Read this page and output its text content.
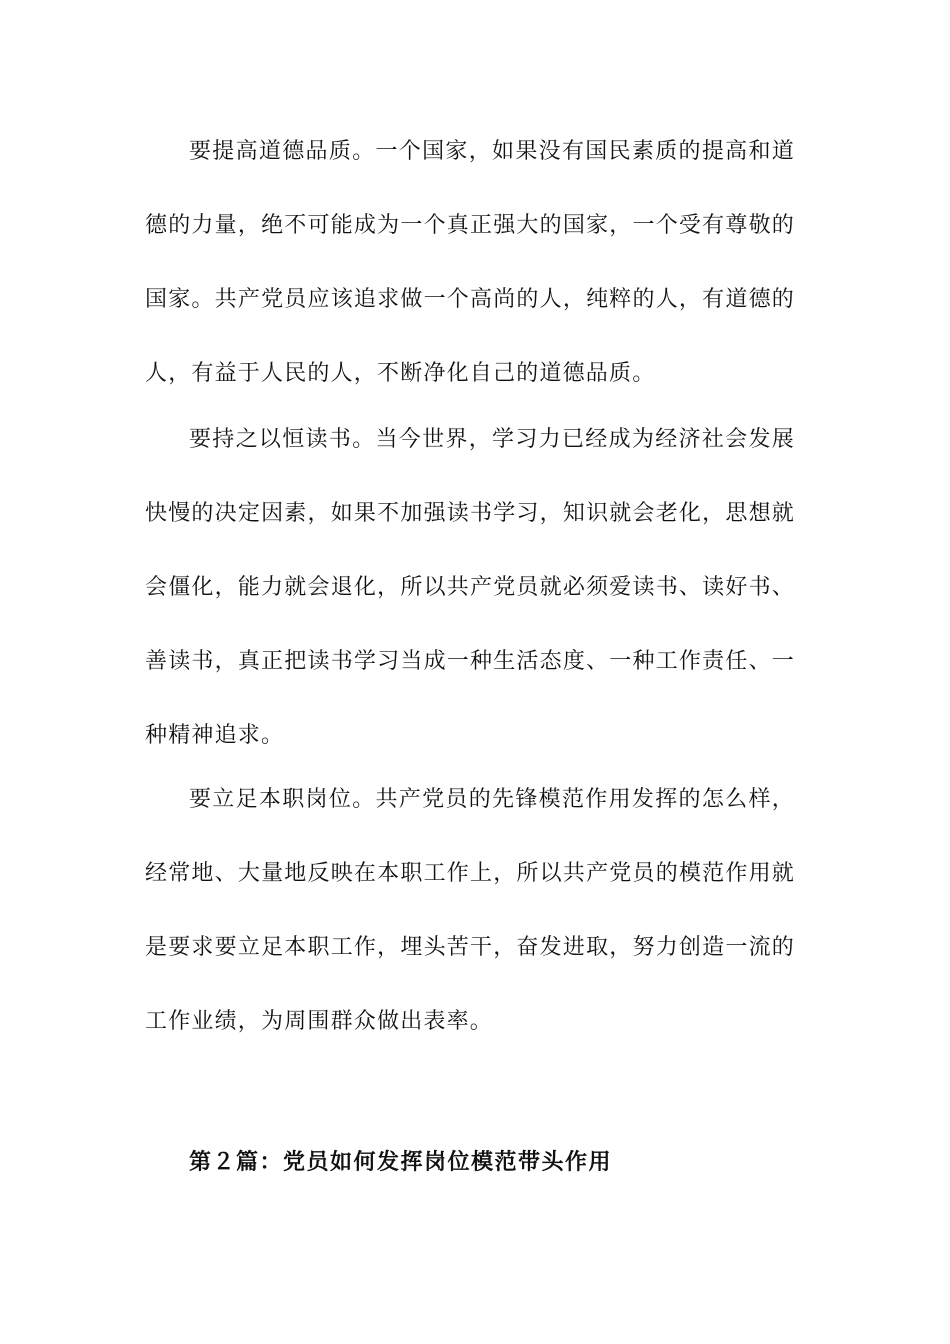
要提高道德品质。一个国家，如果没有国民素质的提高和道德的力量，绝不可能成为一个真正强大的国家，一个受有尊敬的国家。共产党员应该追求做一个高尚的人，纯粹的人，有道德的人，有益于人民的人，不断净化自己的道德品质。

要持之以恒读书。当今世界，学习力已经成为经济社会发展快慢的决定因素，如果不加强读书学习，知识就会老化，思想就会僵化，能力就会退化，所以共产党员就必须爱读书、读好书、善读书，真正把读书学习当成一种生活态度、一种工作责任、一种精神追求。

要立足本职岗位。共产党员的先锋模范作用发挥的怎么样，经常地、大量地反映在本职工作上，所以共产党员的模范作用就是要求要立足本职工作，埋头苦干，奋发进取，努力创造一流的工作业绩，为周围群众做出表率。

第２篇：党员如何发挥岗位模范带头作用
